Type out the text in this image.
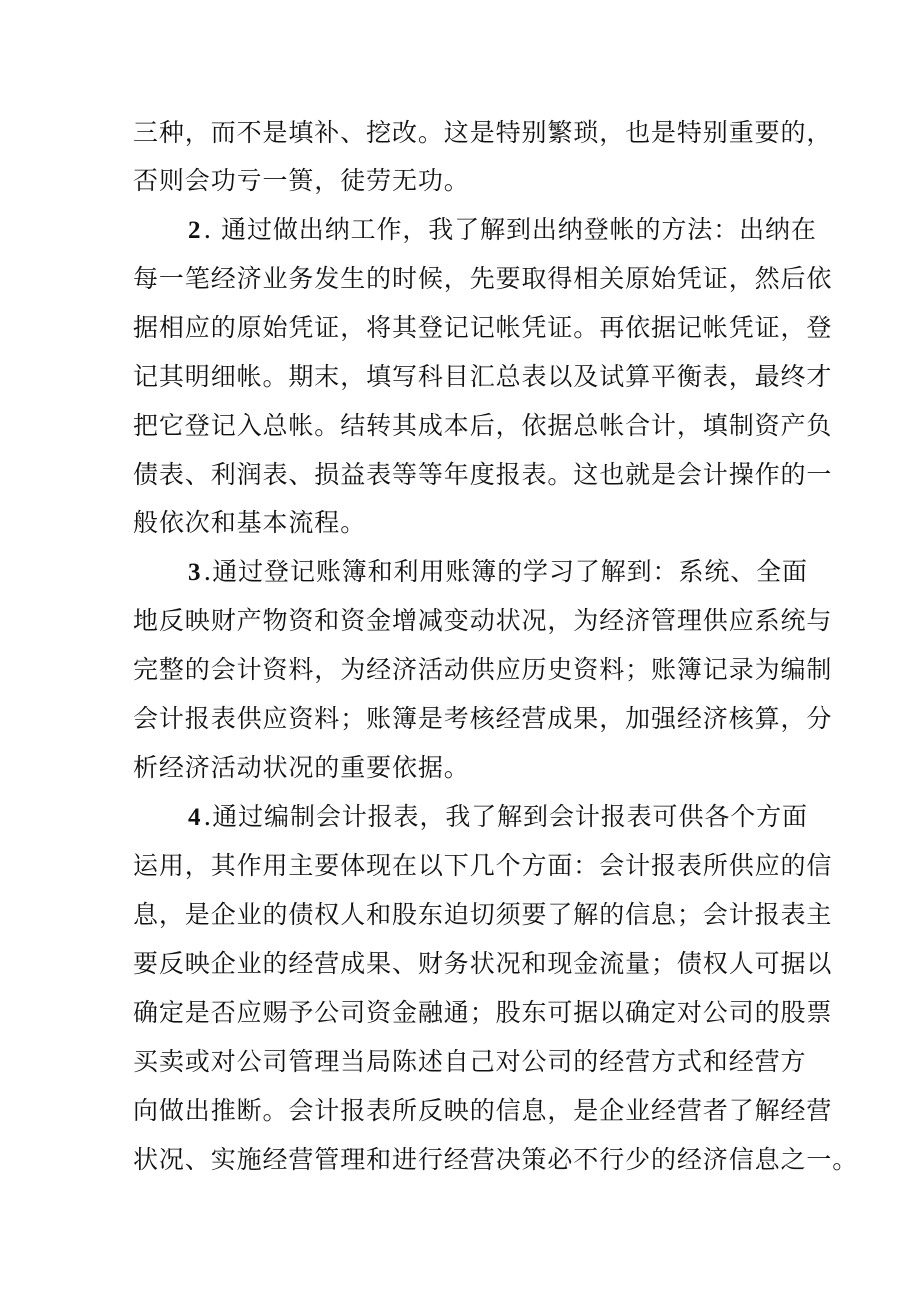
三种，而不是填补、挖改。这是特别繁琐，也是特别重要的，
否则会功亏一篑，徒劳无功。
2. 通过做出纳工作，我了解到出纳登帐的方法：出纳在
每一笔经济业务发生的时候，先要取得相关原始凭证，然后依
据相应的原始凭证，将其登记记帐凭证。再依据记帐凭证，登
记其明细帐。期末，填写科目汇总表以及试算平衡表，最终才
把它登记入总帐。结转其成本后，依据总帐合计，填制资产负
债表、利润表、损益表等等年度报表。这也就是会计操作的一
般依次和基本流程。
3.通过登记账簿和利用账簿的学习了解到：系统、全面
地反映财产物资和资金增减变动状况，为经济管理供应系统与
完整的会计资料，为经济活动供应历史资料；账簿记录为编制
会计报表供应资料；账簿是考核经营成果，加强经济核算，分
析经济活动状况的重要依据。
4.通过编制会计报表，我了解到会计报表可供各个方面
运用，其作用主要体现在以下几个方面：会计报表所供应的信
息，是企业的债权人和股东迫切须要了解的信息；会计报表主
要反映企业的经营成果、财务状况和现金流量；债权人可据以
确定是否应赐予公司资金融通；股东可据以确定对公司的股票
买卖或对公司管理当局陈述自己对公司的经营方式和经营方
向做出推断。会计报表所反映的信息，是企业经营者了解经营
状况、实施经营管理和进行经营决策必不行少的经济信息之一。
